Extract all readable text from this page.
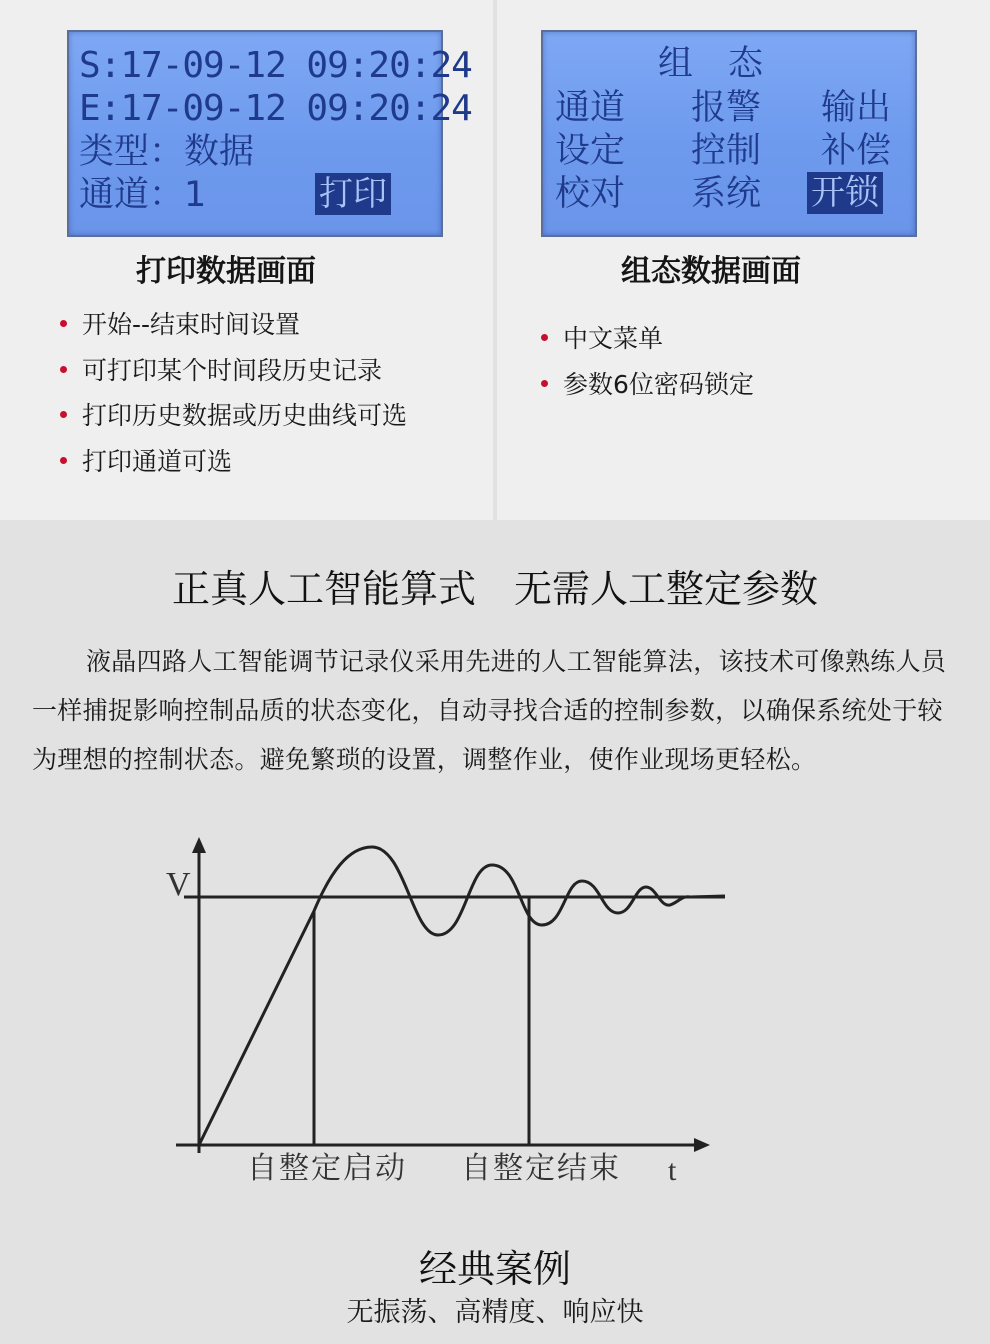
S:17-09-12 09:20:24
E:17-09-12 09:20:24
类型：数据
通道：1	打印
打印数据画面
开始--结束时间设置
可打印某个时间段历史记录
打印历史数据或历史曲线可选
打印通道可选
组　态
通道 报警 输出
设定 控制 补偿
校对 系统 开锁
组态数据画面
中文菜单
参数6位密码锁定
正真人工智能算式　无需人工整定参数
液晶四路人工智能调节记录仪采用先进的人工智能算法，该技术可像熟练人员一样捕捉影响控制品质的状态变化，自动寻找合适的控制参数，以确保系统处于较为理想的控制状态。避免繁琐的设置，调整作业，使作业现场更轻松。
V
t
自整定启动 自整定结束
经典案例
无振荡、高精度、响应快
